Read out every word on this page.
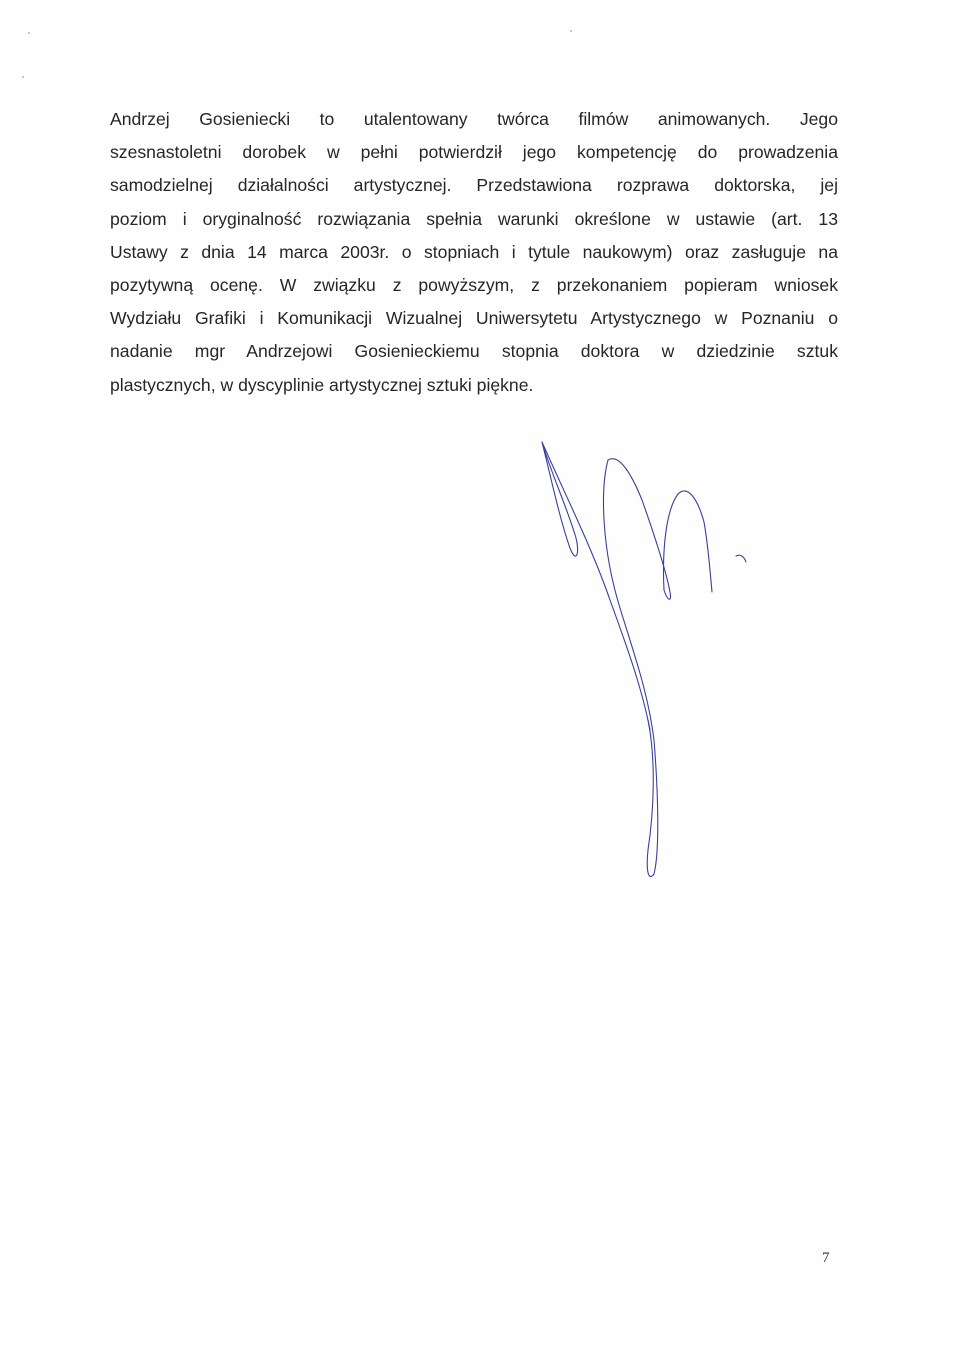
Andrzej Gosieniecki to utalentowany twórca filmów animowanych. Jego
szesnastoletni dorobek w pełni potwierdził jego kompetencję do prowadzenia
samodzielnej działalności artystycznej. Przedstawiona rozprawa doktorska, jej
poziom i oryginalność rozwiązania spełnia warunki określone w ustawie (art. 13
Ustawy z dnia 14 marca 2003r. o stopniach i tytule naukowym) oraz zasługuje na
pozytywną ocenę. W związku z powyższym, z przekonaniem popieram wniosek
Wydziału Grafiki i Komunikacji Wizualnej Uniwersytetu Artystycznego w Poznaniu o
nadanie mgr Andrzejowi Gosienieckiemu stopnia doktora w dziedzinie sztuk
plastycznych, w dyscyplinie artystycznej sztuki piękne.
7
